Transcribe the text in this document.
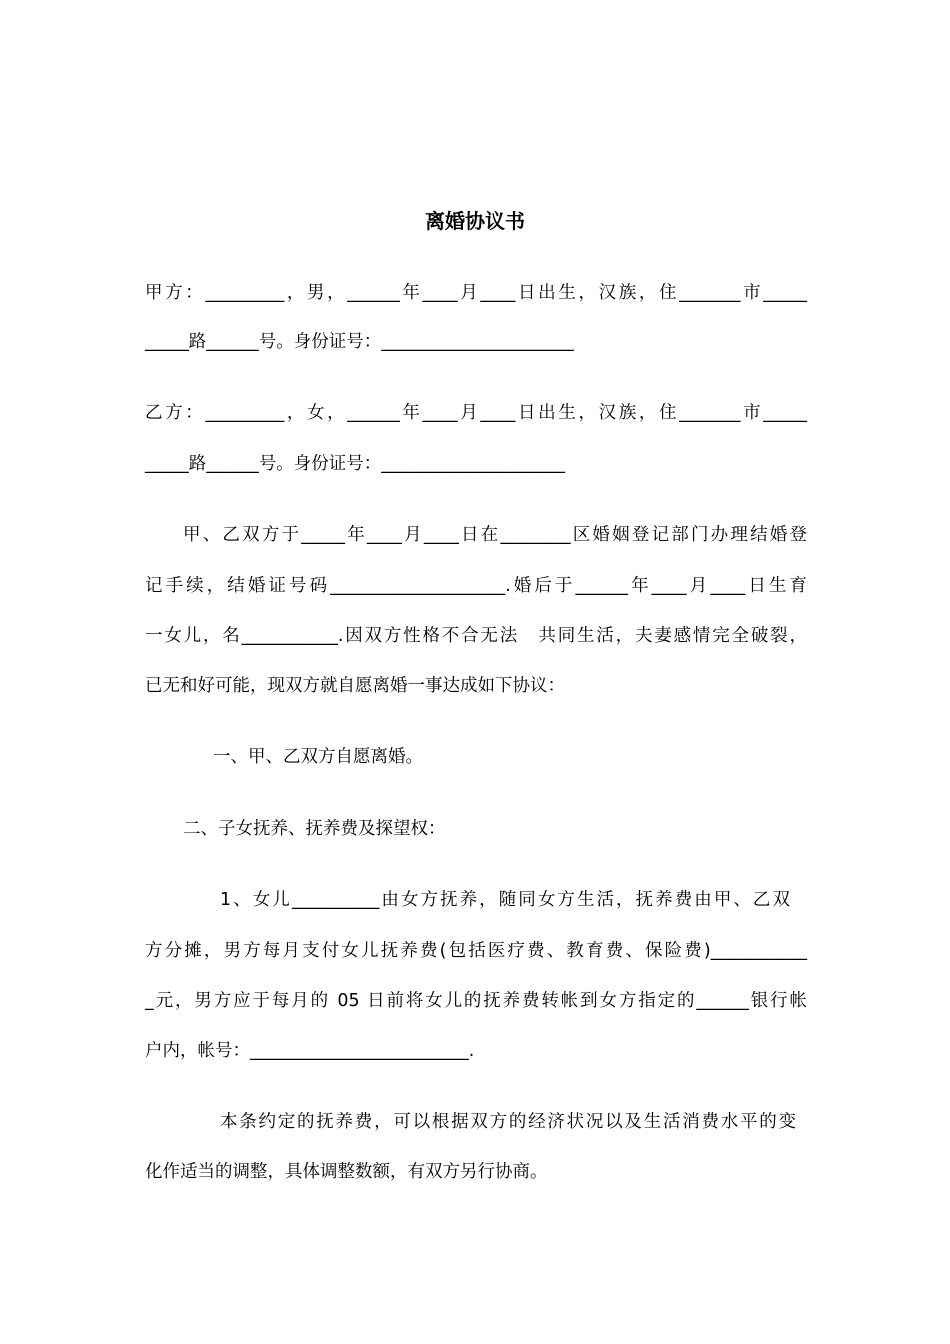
离婚协议书
甲方：_________，男，______年____月____日出生，汉族，住_______市_____
_____路______号。身份证号：______________________
乙方：_________，女，______年____月____日出生，汉族，住_______市_____
_____路______号。身份证号：_____________________
甲、乙双方于_____年____月____日在________区婚姻登记部门办理结婚登
记手续，结婚证号码____________________.婚后于______年____月____日生育
一女儿，名___________.因双方性格不合无法　共同生活，夫妻感情完全破裂，
已无和好可能，现双方就自愿离婚一事达成如下协议：
一、甲、乙双方自愿离婚。
二、子女抚养、抚养费及探望权：
1、女儿__________由女方抚养，随同女方生活，抚养费由甲、乙双
方分摊，男方每月支付女儿抚养费(包括医疗费、教育费、保险费)___________
_元，男方应于每月的 05 日前将女儿的抚养费转帐到女方指定的______银行帐
户内，帐号：_________________________.
本条约定的抚养费，可以根据双方的经济状况以及生活消费水平的变
化作适当的调整，具体调整数额，有双方另行协商。
